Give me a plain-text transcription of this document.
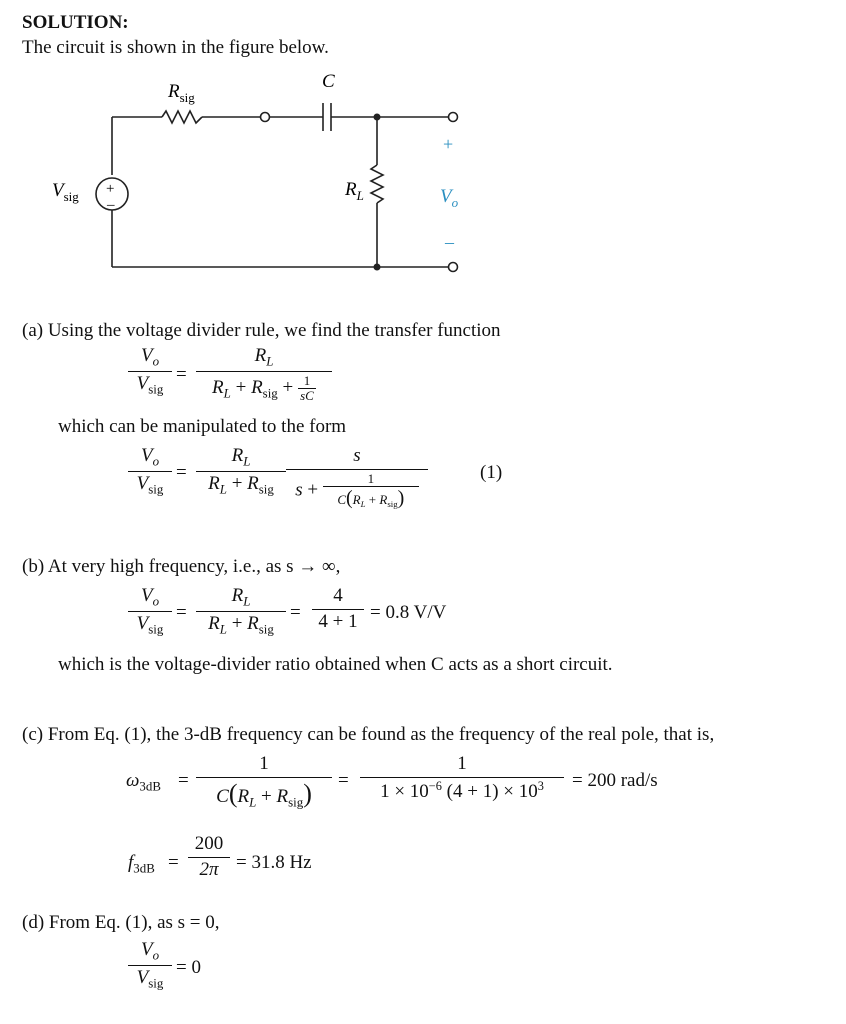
SOLUTION:
The circuit is shown in the figure below.
+
–
$R_{sig}$
C
$R_L$
$V_{sig}$
+
$V_o$
–
(a) Using the voltage divider rule, we find the transfer function
$V_o$
$V_{sig}$
=
$R_L$
$R_L + R_{sig} + \frac{1}{sC}$
which can be manipulated to the form
$V_o$
$V_{sig}$
=
$R_L$
$R_L + R_{sig}$
s
s +
1
$C(R_L + R_{sig})$
(1)
(b) At very high frequency, i.e., as s → ∞,
$V_o$
$V_{sig}$
=
$R_L$
$R_L + R_{sig}$
=
4
4 + 1 = 0.8 V/V
which is the voltage-divider ratio obtained when C acts as a short circuit.
(c) From Eq. (1), the 3-dB frequency can be found as the frequency of the real pole, that is,
$\omega_{3dB}$ =
1
$C(R_L + R_{sig})$ =
1
$1 \times 10^{-6}$ $(4 + 1) \times 10^3 = 200$ rad/s
$f_{3dB}$ =
200
2π = 31.8 Hz
(d) From Eq. (1), as s = 0,
$V_o$
$V_{sig}$
= 0
